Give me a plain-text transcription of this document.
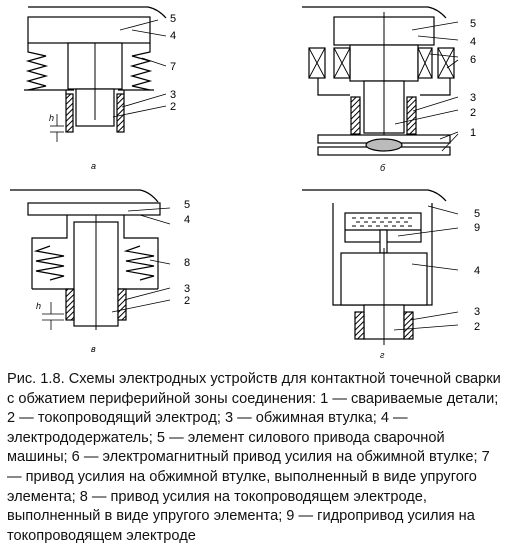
5
4
7
3
2
h
а
5
4
6
3
2
1
б
5
4
8
3
2
h
в
5
9
4
3
2
г
Рис. 1.8. Схемы электродных устройств для контактной точечной сварки с обжатием периферийной зоны соединения: 1 — свариваемые детали; 2 — токопроводящий электрод; 3 — обжимная втулка; 4 — электрододержатель; 5 — элемент силового привода сварочной машины; 6 — электромагнитный привод усилия на обжимной втулке; 7 — привод усилия на обжимной втулке, выполненный в виде упругого элемента; 8 — привод усилия на токопроводящем электроде, выполненный в виде упругого элемента; 9 — гидропривод усилия на токопроводящем электроде
